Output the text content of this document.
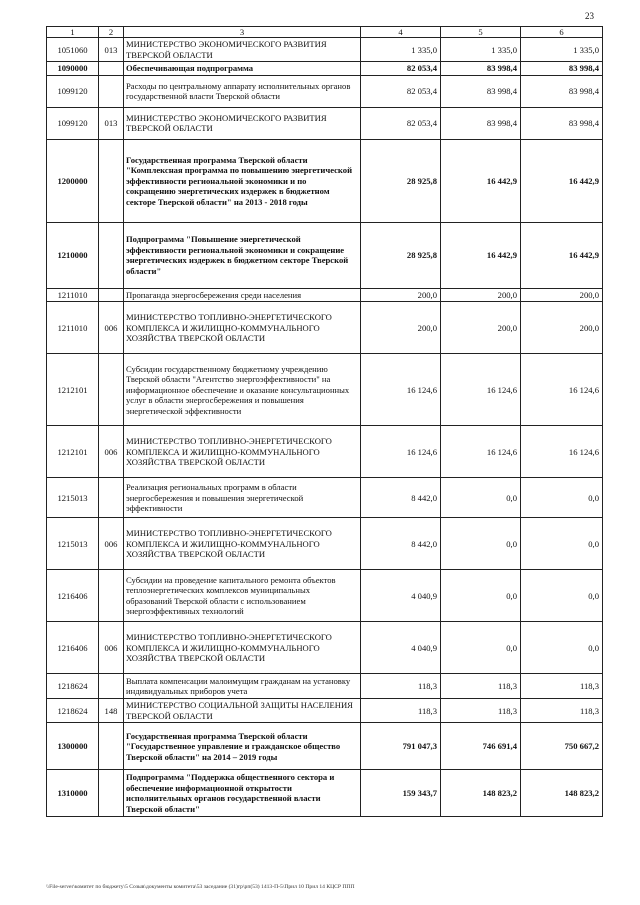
23
1	2	3	4	5	6
1051060	013	МИНИСТЕРСТВО ЭКОНОМИЧЕСКОГО РАЗВИТИЯ ТВЕРСКОЙ ОБЛАСТИ	1 335,0	1 335,0	1 335,0
1090000		Обеспечивающая подпрограмма	82 053,4	83 998,4	83 998,4
1099120		Расходы по центральному аппарату исполнительных органов государственной власти Тверской области	82 053,4	83 998,4	83 998,4
1099120	013	МИНИСТЕРСТВО ЭКОНОМИЧЕСКОГО РАЗВИТИЯ ТВЕРСКОЙ ОБЛАСТИ	82 053,4	83 998,4	83 998,4
1200000		Государственная программа Тверской области "Комплексная программа по повышению энергетической эффективности региональной экономики и по сокращению энергетических издержек в бюджетном секторе Тверской области" на 2013 - 2018 годы	28 925,8	16 442,9	16 442,9
1210000		Подпрограмма "Повышение энергетической эффективности региональной экономики и сокращение энергетических издержек в бюджетном секторе Тверской области"	28 925,8	16 442,9	16 442,9
1211010		Пропаганда энергосбережения среди населения	200,0	200,0	200,0
1211010	006	МИНИСТЕРСТВО ТОПЛИВНО-ЭНЕРГЕТИЧЕСКОГО КОМПЛЕКСА И ЖИЛИЩНО-КОММУНАЛЬНОГО ХОЗЯЙСТВА ТВЕРСКОЙ ОБЛАСТИ	200,0	200,0	200,0
1212101		Субсидии государственному бюджетному учреждению Тверской области "Агентство энергоэффективности" на информационное обеспечение и оказание консультационных услуг в области энергосбережения и повышения энергетической эффективности	16 124,6	16 124,6	16 124,6
1212101	006	МИНИСТЕРСТВО ТОПЛИВНО-ЭНЕРГЕТИЧЕСКОГО КОМПЛЕКСА И ЖИЛИЩНО-КОММУНАЛЬНОГО ХОЗЯЙСТВА ТВЕРСКОЙ ОБЛАСТИ	16 124,6	16 124,6	16 124,6
1215013		Реализация региональных программ в области энергосбережения и повышения энергетической эффективности	8 442,0	0,0	0,0
1215013	006	МИНИСТЕРСТВО ТОПЛИВНО-ЭНЕРГЕТИЧЕСКОГО КОМПЛЕКСА И ЖИЛИЩНО-КОММУНАЛЬНОГО ХОЗЯЙСТВА ТВЕРСКОЙ ОБЛАСТИ	8 442,0	0,0	0,0
1216406		Субсидии на проведение капитального ремонта объектов теплоэнергетических комплексов муниципальных образований Тверской области с использованием энергоэффективных технологий	4 040,9	0,0	0,0
1216406	006	МИНИСТЕРСТВО ТОПЛИВНО-ЭНЕРГЕТИЧЕСКОГО КОМПЛЕКСА И ЖИЛИЩНО-КОММУНАЛЬНОГО ХОЗЯЙСТВА ТВЕРСКОЙ ОБЛАСТИ	4 040,9	0,0	0,0
1218624		Выплата компенсации малоимущим гражданам на установку индивидуальных приборов учета	118,3	118,3	118,3
1218624	148	МИНИСТЕРСТВО СОЦИАЛЬНОЙ ЗАЩИТЫ НАСЕЛЕНИЯ ТВЕРСКОЙ ОБЛАСТИ	118,3	118,3	118,3
1300000		Государственная программа Тверской области "Государственное управление и гражданское общество Тверской области" на 2014 – 2019 годы	791 047,3	746 691,4	750 667,2
1310000		Подпрограмма "Поддержка общественного сектора и обеспечение информационной открытости исполнительных органов государственной власти Тверской области"	159 343,7	148 823,2	148 823,2
\\File-server\комитет по бюджету\5 Созыв\документы комитета\53 заседание (31)гр\рп(53) 1413-П-5\Прил 10 Прил 14 КЦСР ППП
